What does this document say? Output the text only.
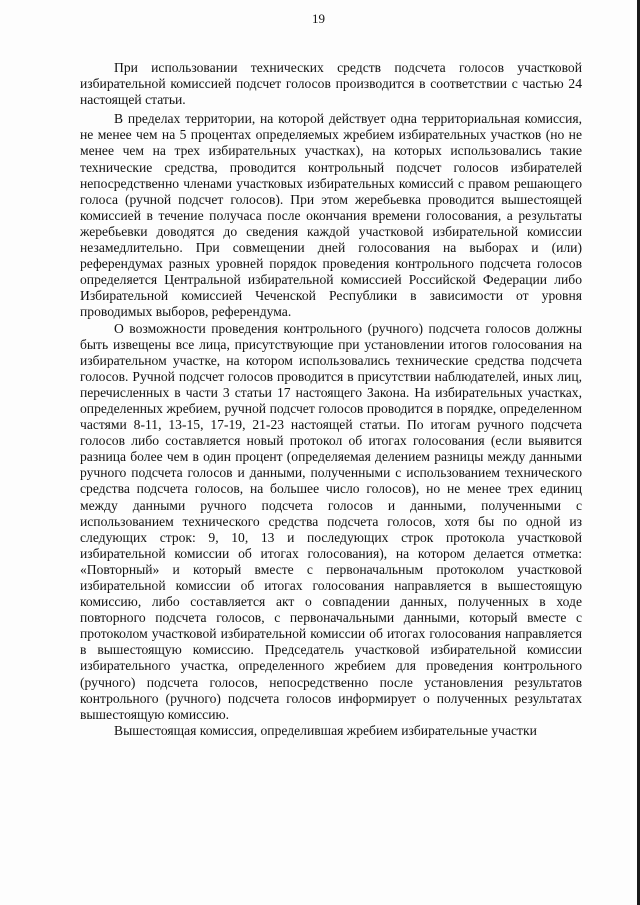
19

При использовании технических средств подсчета голосов участковой избирательной комиссией подсчет голосов производится в соответствии с частью 24 настоящей статьи.

В пределах территории, на которой действует одна территориальная комиссия, не менее чем на 5 процентах определяемых жребием избирательных участков (но не менее чем на трех избирательных участках), на которых использовались такие технические средства, проводится контрольный подсчет голосов избирателей непосредственно членами участковых избирательных комиссий с правом решающего голоса (ручной подсчет голосов). При этом жеребьевка проводится вышестоящей комиссией в течение получаса после окончания времени голосования, а результаты жеребьевки доводятся до сведения каждой участковой избирательной комиссии незамедлительно. При совмещении дней голосования на выборах и (или) референдумах разных уровней порядок проведения контрольного подсчета голосов определяется Центральной избирательной комиссией Российской Федерации либо Избирательной комиссией Чеченской Республики в зависимости от уровня проводимых выборов, референдума.

О возможности проведения контрольного (ручного) подсчета голосов должны быть извещены все лица, присутствующие при установлении итогов голосования на избирательном участке, на котором использовались технические средства подсчета голосов. Ручной подсчет голосов проводится в присутствии наблюдателей, иных лиц, перечисленных в части 3 статьи 17 настоящего Закона. На избирательных участках, определенных жребием, ручной подсчет голосов проводится в порядке, определенном частями 8-11, 13-15, 17-19, 21-23 настоящей статьи. По итогам ручного подсчета голосов либо составляется новый протокол об итогах голосования (если выявится разница более чем в один процент (определяемая делением разницы между данными ручного подсчета голосов и данными, полученными с использованием технического средства подсчета голосов, на большее число голосов), но не менее трех единиц между данными ручного подсчета голосов и данными, полученными с использованием технического средства подсчета голосов, хотя бы по одной из следующих строк: 9, 10, 13 и последующих строк протокола участковой избирательной комиссии об итогах голосования), на котором делается отметка: «Повторный» и который вместе с первоначальным протоколом участковой избирательной комиссии об итогах голосования направляется в вышестоящую комиссию, либо составляется акт о совпадении данных, полученных в ходе повторного подсчета голосов, с первоначальными данными, который вместе с протоколом участковой избирательной комиссии об итогах голосования направляется в вышестоящую комиссию. Председатель участковой избирательной комиссии избирательного участка, определенного жребием для проведения контрольного (ручного) подсчета голосов, непосредственно после установления результатов контрольного (ручного) подсчета голосов информирует о полученных результатах вышестоящую комиссию.

Вышестоящая комиссия, определившая жребием избирательные участки
